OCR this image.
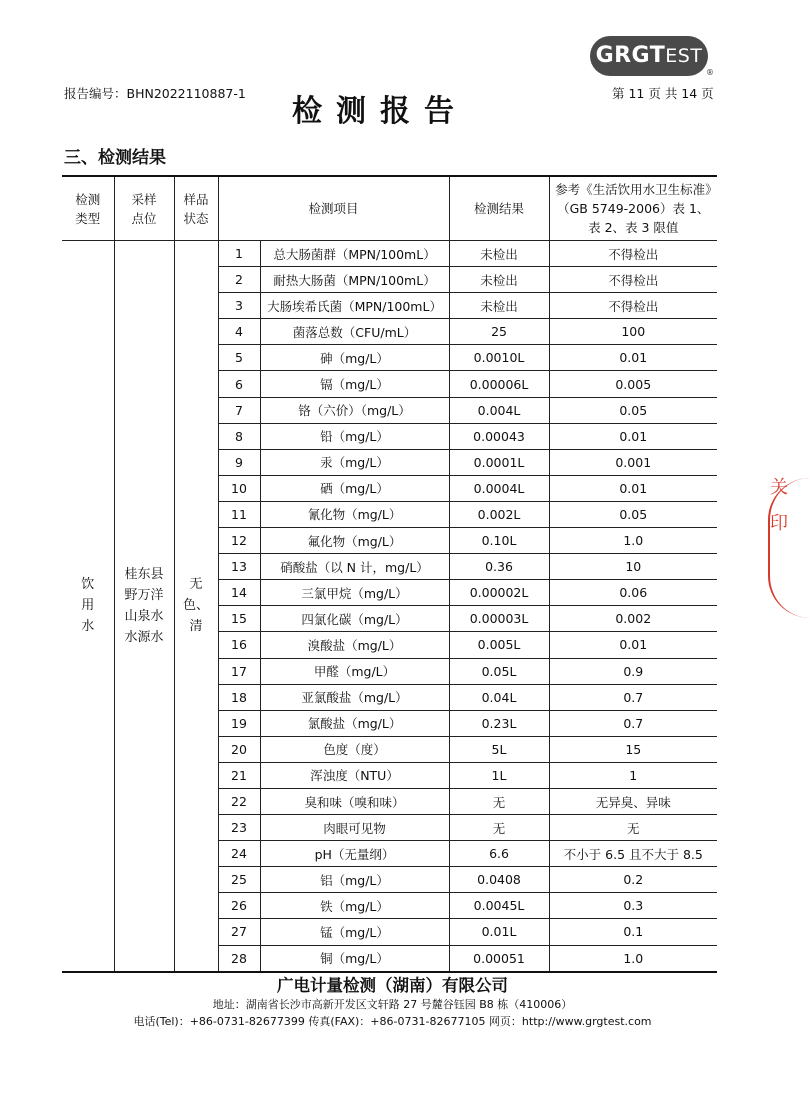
GRGTEST
®
报告编号：BHN2022110887-1
检测报告
第 11 页 共 14 页
三、检测结果
关 印
检测类型	采样点位	样品状态	检测项目		检测结果	参考《生活饮用水卫生标准》（GB 5749-2006）表 1、表 2、表 3 限值

饮用水	桂东县野万洋山泉水水源水	无色、清	1	总大肠菌群（MPN/100mL）	未检出	不得检出
			2	耐热大肠菌（MPN/100mL）	未检出	不得检出
			3	大肠埃希氏菌（MPN/100mL）	未检出	不得检出
			4	菌落总数（CFU/mL）	25	100
			5	砷（mg/L）	0.0010L	0.01
			6	镉（mg/L）	0.00006L	0.005
			7	铬（六价）（mg/L）	0.004L	0.05
			8	铅（mg/L）	0.00043	0.01
			9	汞（mg/L）	0.0001L	0.001
			10	硒（mg/L）	0.0004L	0.01
			11	氰化物（mg/L）	0.002L	0.05
			12	氟化物（mg/L）	0.10L	1.0
			13	硝酸盐（以 N 计，mg/L）	0.36	10
			14	三氯甲烷（mg/L）	0.00002L	0.06
			15	四氯化碳（mg/L）	0.00003L	0.002
			16	溴酸盐（mg/L）	0.005L	0.01
			17	甲醛（mg/L）	0.05L	0.9
			18	亚氯酸盐（mg/L）	0.04L	0.7
			19	氯酸盐（mg/L）	0.23L	0.7
			20	色度（度）	5L	15
			21	浑浊度（NTU）	1L	1
			22	臭和味（嗅和味）	无	无异臭、异味
			23	肉眼可见物	无	无
			24	pH（无量纲）	6.6	不小于 6.5 且不大于 8.5
			25	铝（mg/L）	0.0408	0.2
			26	铁（mg/L）	0.0045L	0.3
			27	锰（mg/L）	0.01L	0.1
			28	铜（mg/L）	0.00051	1.0
广电计量检测（湖南）有限公司
地址：湖南省长沙市高新开发区文轩路 27 号麓谷钰园 B8 栋（410006）
电话(Tel)：+86-0731-82677399 传真(FAX)：+86-0731-82677105 网页：http://www.grgtest.com
